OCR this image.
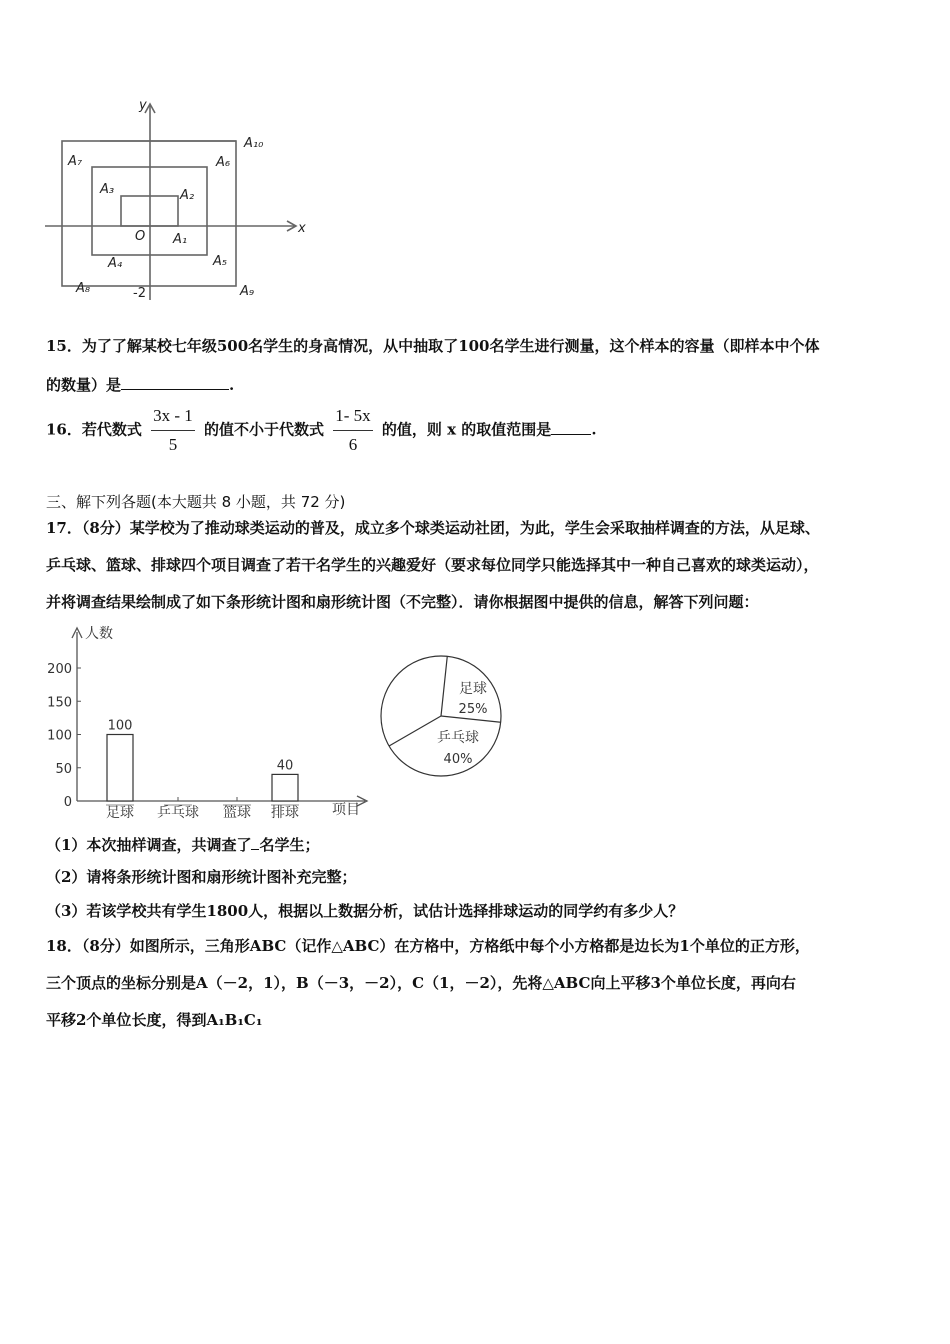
y
x
O A₁
A₂
A₃
A₄	A₅
A₆
A₇
A₈	A₉
A₁₀
-2
15．为了了解某校七年级500名学生的身高情况，从中抽取了100名学生进行测量，这个样本的容量（即样本中个体
的数量）是	.
16．若代数式 $\frac{3x - 1}{5}$ 的值不小于代数式 $\frac{1- 5x}{6}$ 的值，则 x 的取值范围是	.
三、解下列各题(本大题共 8 小题，共 72 分)
17．（8分）某学校为了推动球类运动的普及，成立多个球类运动社团，为此，学生会采取抽样调查的方法，从足球、
乒乓球、篮球、排球四个项目调查了若干名学生的兴趣爱好（要求每位同学只能选择其中一种自己喜欢的球类运动），
并将调查结果绘制成了如下条形统计图和扇形统计图（不完整）．请你根据图中提供的信息，解答下列问题：
人数
项目
0
50
100
150
200
足球
100
乒乓球 篮球 排球
40
足球
25%
乒乓球
40%
（1）本次抽样调查，共调查了 名学生；
（2）请将条形统计图和扇形统计图补充完整；
（3）若该学校共有学生1800人，根据以上数据分析，试估计选择排球运动的同学约有多少人？
18．（8分）如图所示，三角形ABC（记作△ABC）在方格中，方格纸中每个小方格都是边长为1个单位的正方形，
三个顶点的坐标分别是A（－2，1），B（－3，－2），C（1，－2），先将△ABC向上平移3个单位长度，再向右
平移2个单位长度，得到A₁B₁C₁
